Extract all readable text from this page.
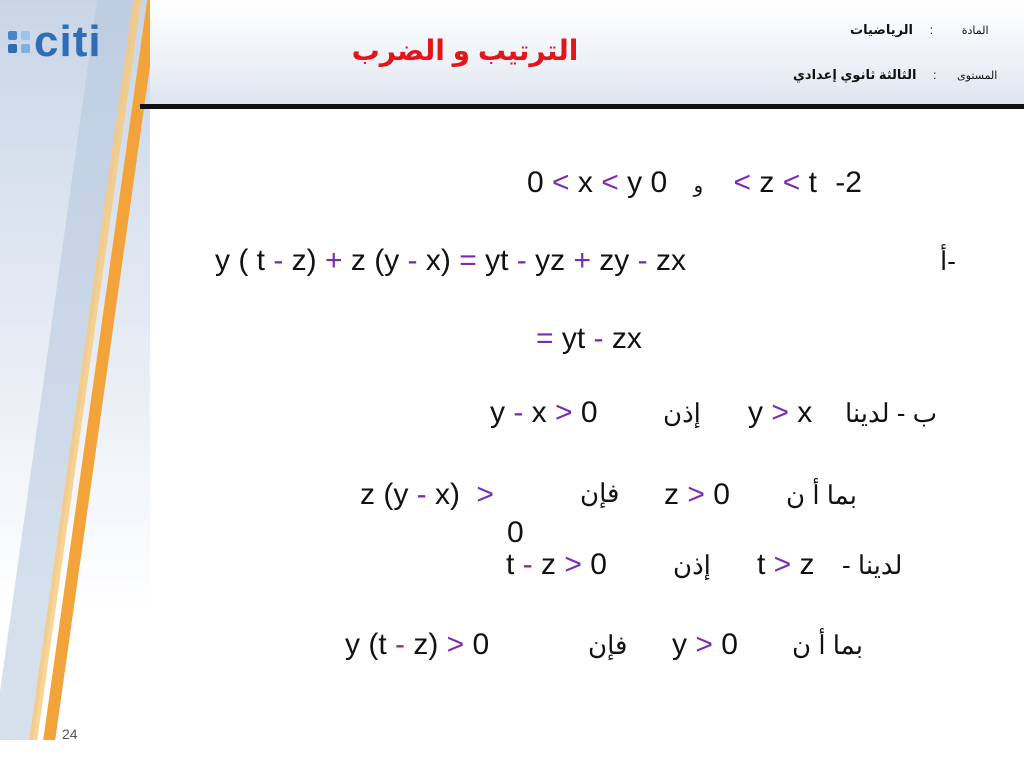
citi	الترتيب و الضرب
المادة  :  الرياضيات
المستوى  :  الثالثة ثانوي إعدادي
0 < x < y	و 0 < z < t -2
y ( t - z) + z (y - x) = yt - yz + zy - zx	أ-
= yt - zx
y - x > 0	إذن y > x ب - لدينا
z (y - x) >
0
فإن z > 0 بما أ ن
t - z > 0	إذن t > z - لدينا
y (t - z) > 0	فإن y > 0 بما أ ن
24
